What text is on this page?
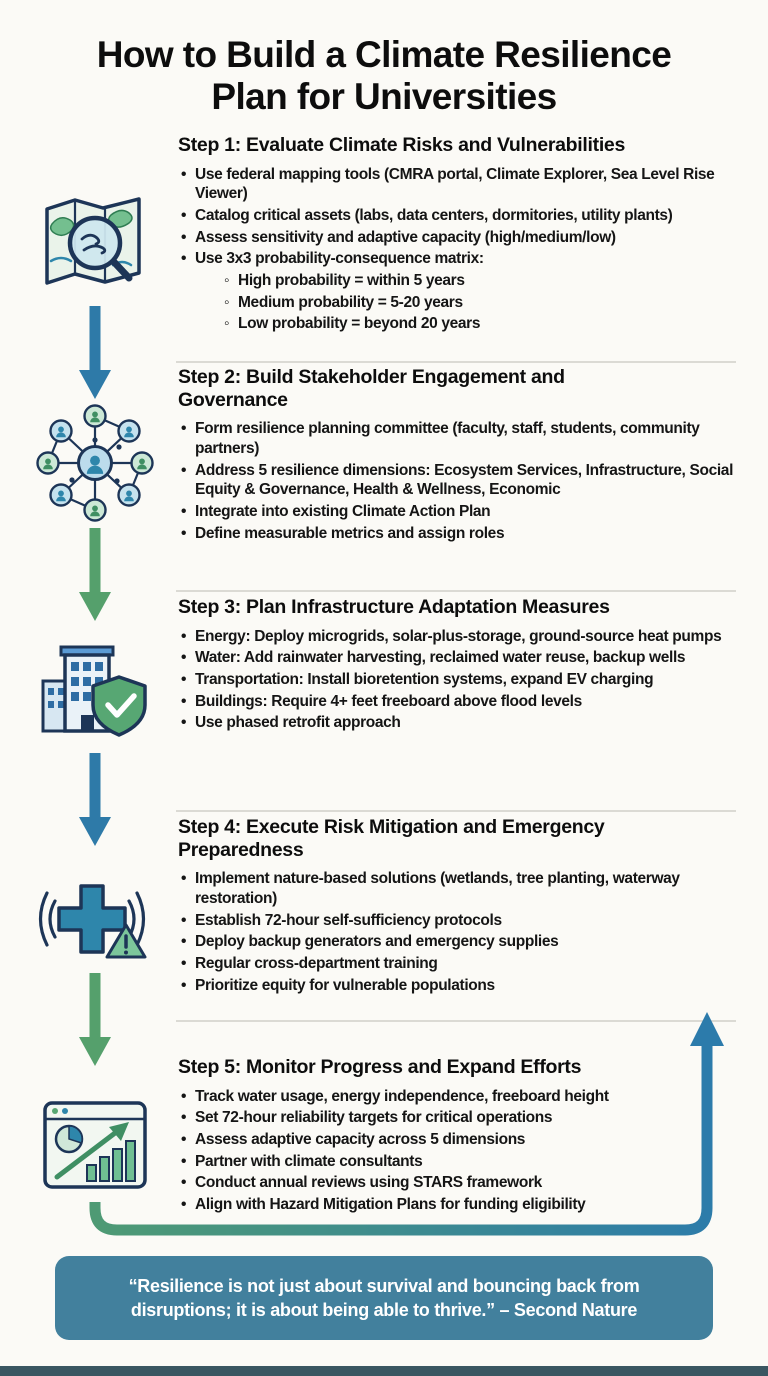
How to Build a Climate Resilience
Plan for Universities
Step 1: Evaluate Climate Risks and Vulnerabilities
• Use federal mapping tools (CMRA portal, Climate Explorer, Sea Level Rise Viewer)
• Catalog critical assets (labs, data centers, dormitories, utility plants)
• Assess sensitivity and adaptive capacity (high/medium/low)
• Use 3x3 probability-consequence matrix:
◦ High probability = within 5 years
◦ Medium probability = 5-20 years
◦ Low probability = beyond 20 years
Step 2: Build Stakeholder Engagement and Governance
• Form resilience planning committee (faculty, staff, students, community partners)
• Address 5 resilience dimensions: Ecosystem Services, Infrastructure, Social Equity & Governance, Health & Wellness, Economic
• Integrate into existing Climate Action Plan
• Define measurable metrics and assign roles
Step 3: Plan Infrastructure Adaptation Measures
• Energy: Deploy microgrids, solar-plus-storage, ground-source heat pumps
• Water: Add rainwater harvesting, reclaimed water reuse, backup wells
• Transportation: Install bioretention systems, expand EV charging
• Buildings: Require 4+ feet freeboard above flood levels
• Use phased retrofit approach
Step 4: Execute Risk Mitigation and Emergency Preparedness
• Implement nature-based solutions (wetlands, tree planting, waterway restoration)
• Establish 72-hour self-sufficiency protocols
• Deploy backup generators and emergency supplies
• Regular cross-department training
• Prioritize equity for vulnerable populations
Step 5: Monitor Progress and Expand Efforts
• Track water usage, energy independence, freeboard height
• Set 72-hour reliability targets for critical operations
• Assess adaptive capacity across 5 dimensions
• Partner with climate consultants
• Conduct annual reviews using STARS framework
• Align with Hazard Mitigation Plans for funding eligibility

“Resilience is not just about survival and bouncing back from disruptions; it is about being able to thrive.” – Second Nature
